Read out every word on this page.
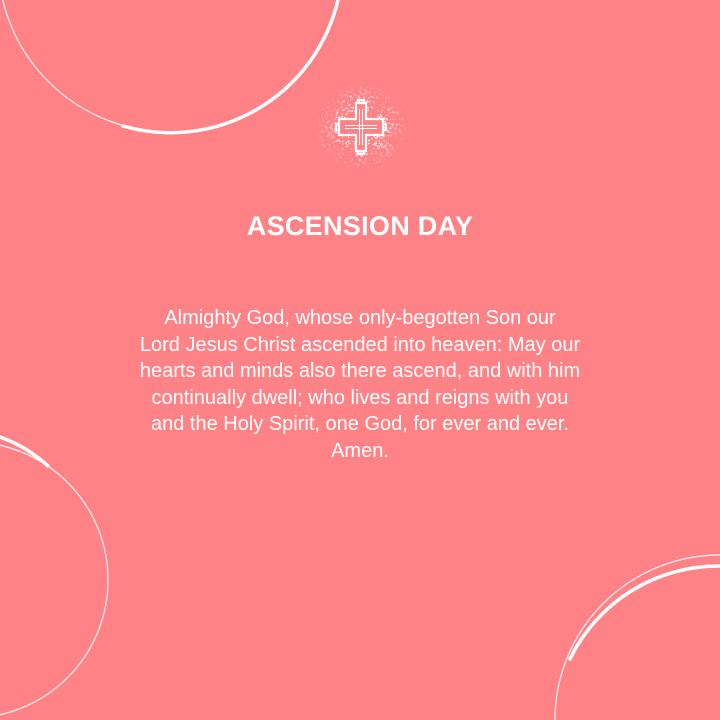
ASCENSION DAY

Almighty God, whose only-begotten Son our
Lord Jesus Christ ascended into heaven: May our
hearts and minds also there ascend, and with him
continually dwell; who lives and reigns with you
and the Holy Spirit, one God, for ever and ever.
Amen.
